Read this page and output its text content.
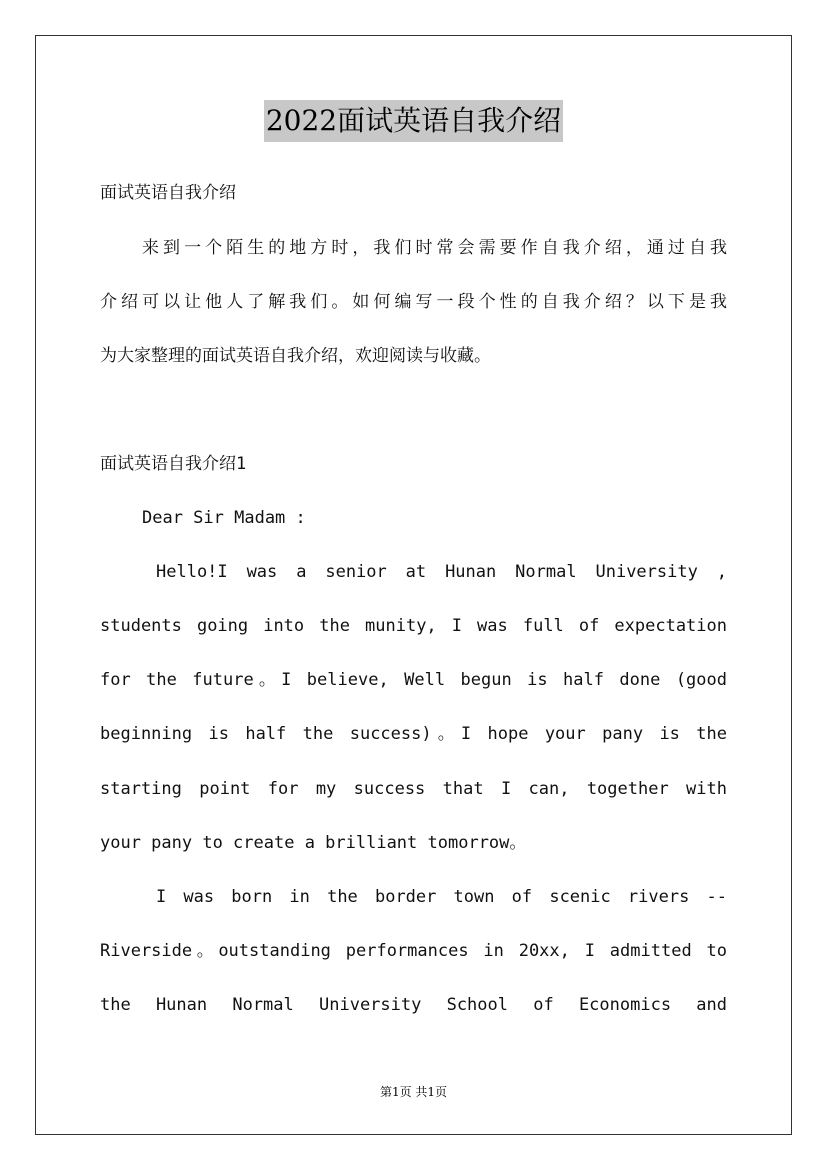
2022面试英语自我介绍

面试英语自我介绍

来到一个陌生的地方时，我们时常会需要作自我介绍，通过自我

介绍可以让他人了解我们。如何编写一段个性的自我介绍？以下是我

为大家整理的面试英语自我介绍，欢迎阅读与收藏。

面试英语自我介绍1

Dear Sir Madam :

Hello!I was a senior at Hunan Normal University ,

students going into the munity, I was full of expectation

for the future。I believe, Well begun is half done (good

beginning is half the success)。I hope your pany is the

starting point for my success that I can, together with

your pany to create a brilliant tomorrow。

I was born in the border town of scenic rivers --

Riverside。outstanding performances in 20xx, I admitted to

the Hunan Normal University School of Economics and

第1页 共1页
